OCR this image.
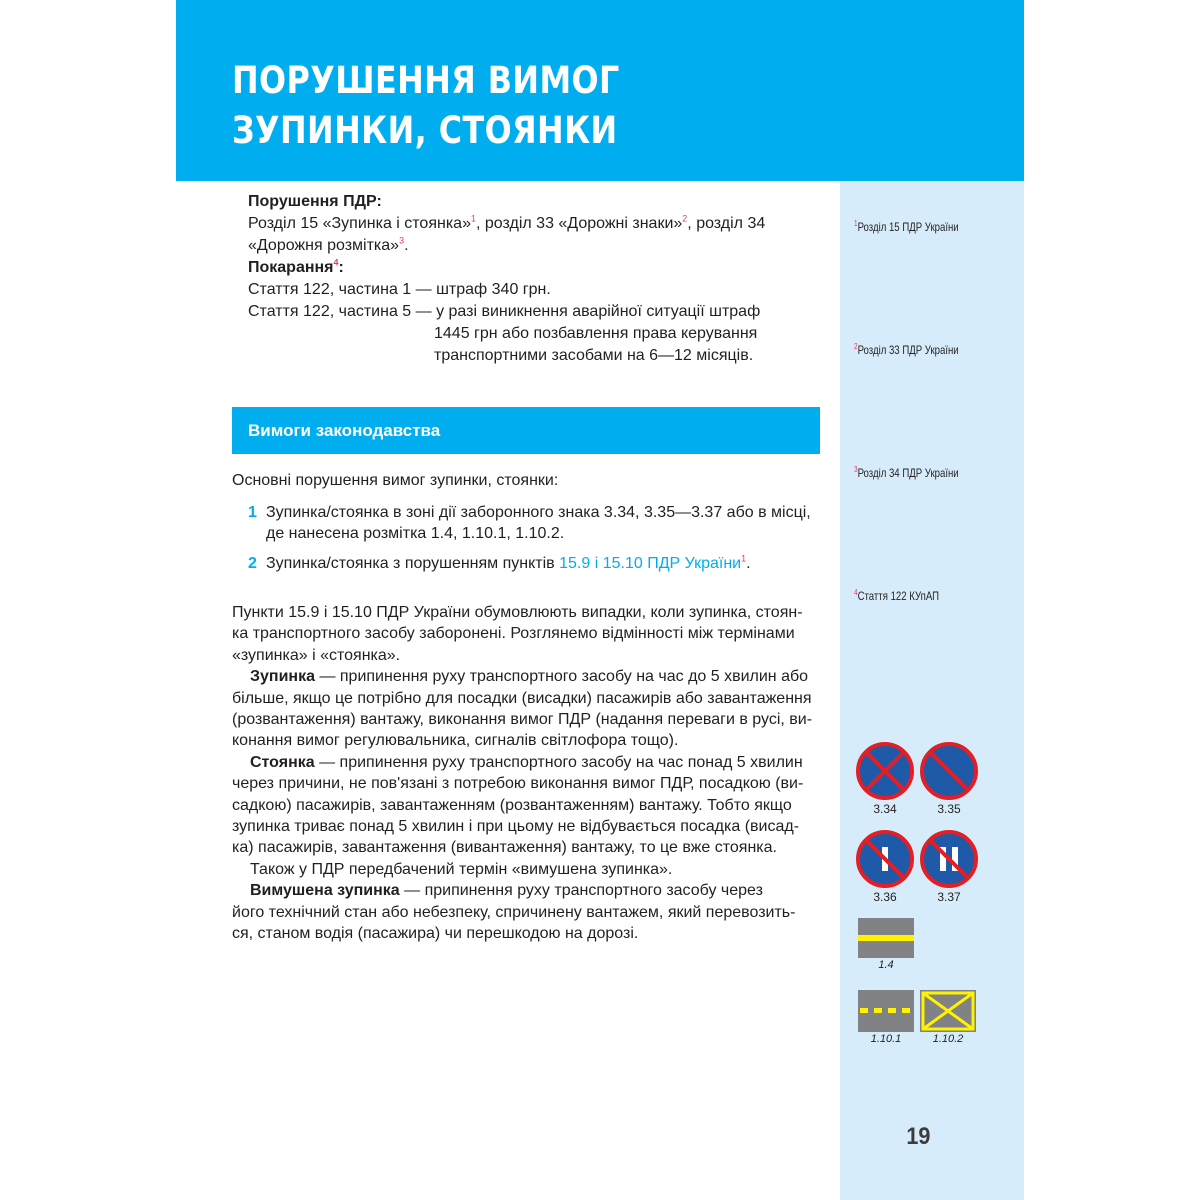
ПОРУШЕННЯ ВИМОГ
ЗУПИНКИ, СТОЯНКИ
$^1$Розділ 15 ПДР України
$^2$Розділ 33 ПДР України
$^3$Розділ 34 ПДР України
$^4$Стаття 122 КУпАП
3.34	3.35
3.36	3.37
1.4
1.10.1	1.10.2
Порушення ПДР:
Розділ 15 «Зупинка і стоянка»$^1$, розділ 33 «Дорожні знаки»$^2$, розділ 34
«Дорожня розмітка»$^3$.
Покарання$^4$:
Стаття 122, частина 1 — штраф 340 грн.
Стаття 122, частина 5 — у разі виникнення аварійної ситуації штраф
1445 грн або позбавлення права керування
транспортними засобами на 6—12 місяців.
Вимоги законодавства

Основні порушення вимог зупинки, стоянки:

1 Зупинка/стоянка в зоні дії заборонного знака 3.34, 3.35—3.37 або в місці,
де нанесена розмітка 1.4, 1.10.1, 1.10.2.
2 Зупинка/стоянка з порушенням пунктів 15.9 і 15.10 ПДР України$^1$.

Пункти 15.9 і 15.10 ПДР України обумовлюють випадки, коли зупинка, стоян-
ка транспортного засобу заборонені. Розглянемо відмінності між термінами
«зупинка» і «стоянка».

Зупинка — припинення руху транспортного засобу на час до 5 хвилин або
більше, якщо це потрібно для посадки (висадки) пасажирів або завантаження
(розвантаження) вантажу, виконання вимог ПДР (надання переваги в русі, ви-
конання вимог регулювальника, сигналів світлофора тощо).

Стоянка — припинення руху транспортного засобу на час понад 5 хвилин
через причини, не пов'язані з потребою виконання вимог ПДР, посадкою (ви-
садкою) пасажирів, завантаженням (розвантаженням) вантажу. Тобто якщо
зупинка триває понад 5 хвилин і при цьому не відбувається посадка (висад-
ка) пасажирів, завантаження (вивантаження) вантажу, то це вже стоянка.

Також у ПДР передбачений термін «вимушена зупинка».

Вимушена зупинка — припинення руху транспортного засобу через
його технічний стан або небезпеку, спричинену вантажем, який перевозить-
ся, станом водія (пасажира) чи перешкодою на дорозі.

19
